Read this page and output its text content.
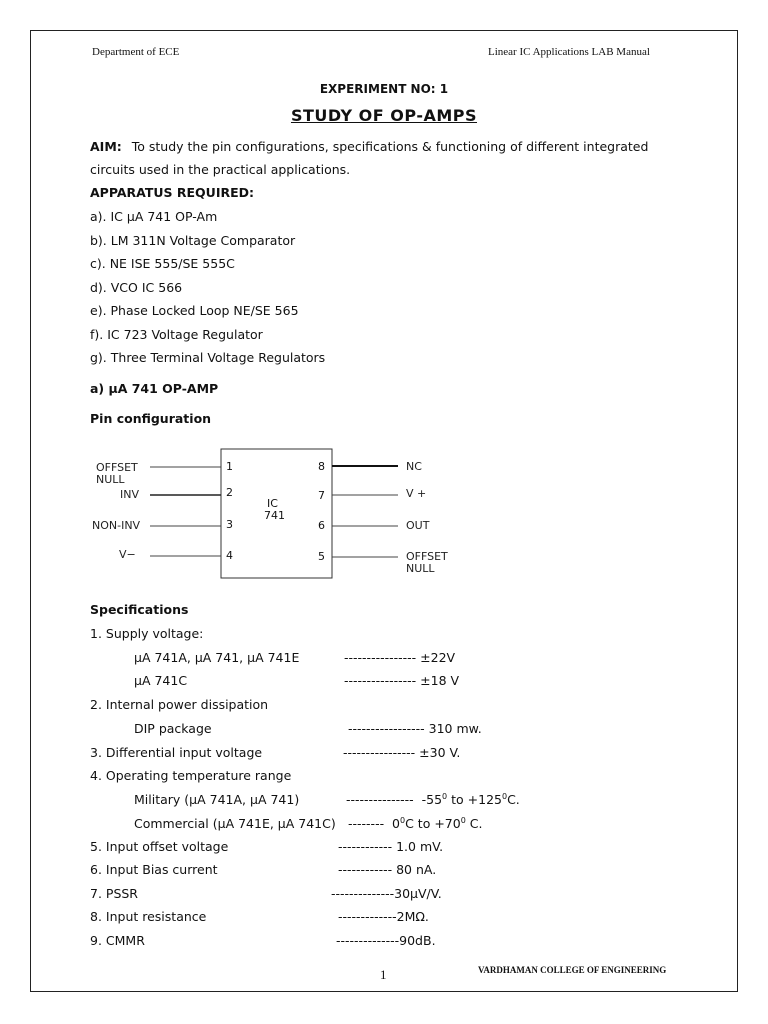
Department of ECE	Linear IC Applications LAB Manual
EXPERIMENT NO: 1
STUDY OF OP-AMPS
AIM: To study the pin configurations, specifications & functioning of different integrated
circuits used in the practical applications.
APPARATUS REQUIRED:
a). IC µA 741 OP-Am
b). LM 311N Voltage Comparator
c). NE ISE 555/SE 555C
d). VCO IC 566
e). Phase Locked Loop NE/SE 565
f). IC 723 Voltage Regulator
g). Three Terminal Voltage Regulators
a) µA 741 OP-AMP
Pin configuration
1
2
3
4
8
7
6
5
IC
741
OFFSET
NULL
INV
NON-INV
V−
NC
V +
OUT
OFFSET
NULL
Specifications
1. Supply voltage:
µA 741A, µA 741, µA 741E	---------------- ±22V
µA 741C	---------------- ±18 V
2. Internal power dissipation
DIP package	----------------- 310 mw.
3. Differential input voltage	---------------- ±30 V.
4. Operating temperature range
Military (µA 741A, µA 741)	--------------- $-55^0$ to $+125^0C$.
Commercial (µA 741E, µA 741C) -------- $0^0C$ to $+70^0$ C.
5. Input offset voltage	------------ 1.0 mV.
6. Input Bias current	------------ 80 nA.
7. PSSR	--------------30µV/V.
8. Input resistance	-------------2MΩ.
9. CMMR	--------------90dB.
1	VARDHAMAN COLLEGE OF ENGINEERING
